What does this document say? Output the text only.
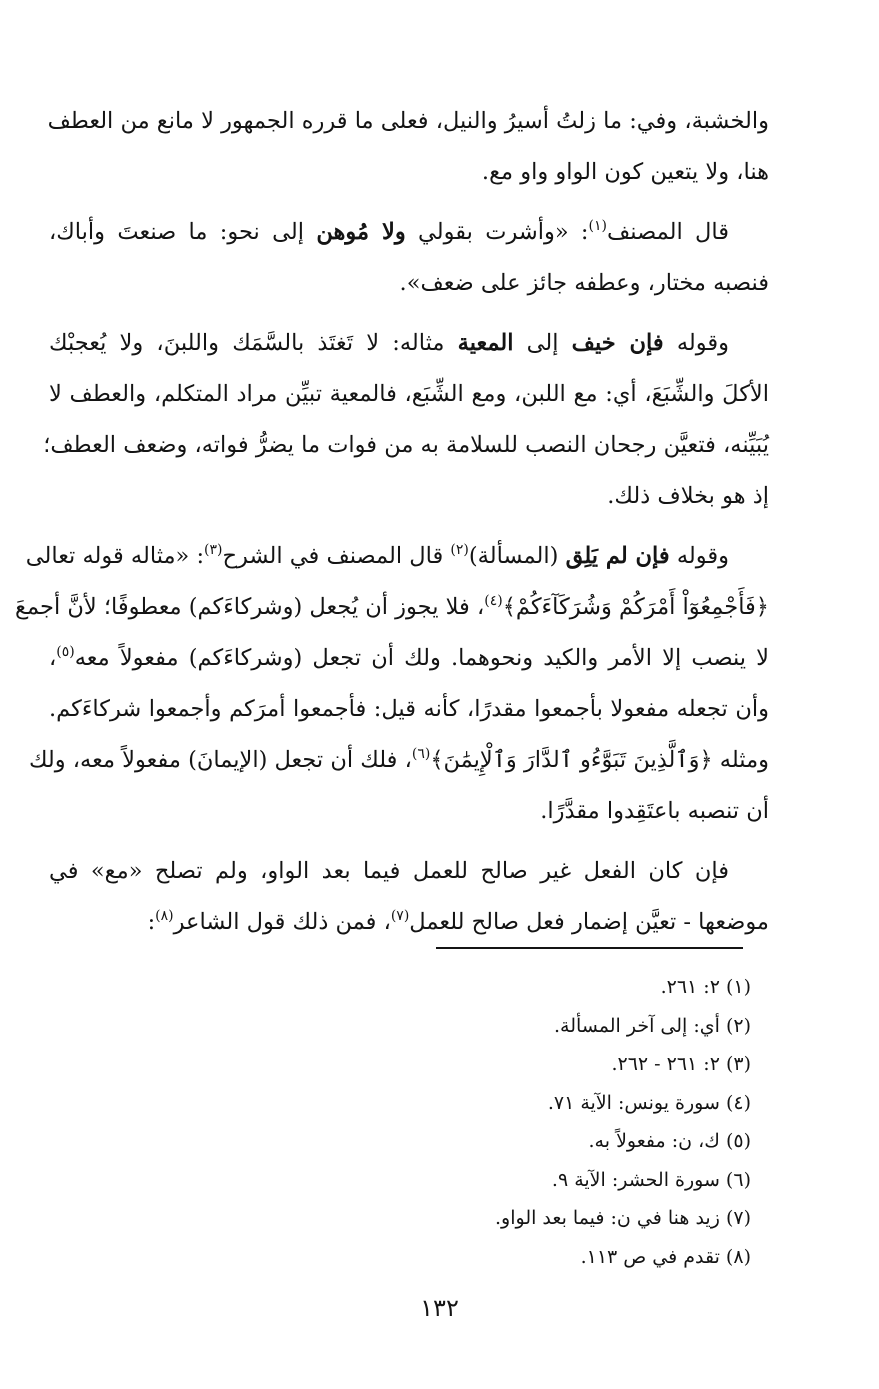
والخشبة، وفي: ما زلتُ أسيرُ والنيل، فعلى ما قرره الجمهور لا مانع من العطف
هنا، ولا يتعين كون الواو واو مع.

قال المصنف$^{(١)}$: «وأشرت بقولي ولا مُوهن إلى نحو: ما صنعتَ وأباك،
فنصبه مختار، وعطفه جائز على ضعف».

وقوله فإن خيف إلى المعية مثاله: لا تَغتَذ بالسَّمَك واللبنَ، ولا يُعجبْك
الأكلَ والشِّبَعَ، أي: مع اللبن، ومع الشِّبَع، فالمعية تبيِّن مراد المتكلم، والعطف لا
يُبَيِّنه، فتعيَّن رجحان النصب للسلامة به من فوات ما يضرُّ فواته، وضعف العطف؛
إذ هو بخلاف ذلك.

وقوله فإن لم يَلِق (المسألة)$^{(٢)}$ قال المصنف في الشرح$^{(٣)}$: «مثاله قوله تعالى
﴿فَأَجْمِعُوٓاْ أَمْرَكُمْ وَشُرَكَآءَكُمْ﴾$^{(٤)}$، فلا يجوز أن يُجعل (وشركاءَكم) معطوفًا؛ لأنَّ أجمعَ
لا ينصب إلا الأمر والكيد ونحوهما. ولك أن تجعل (وشركاءَكم) مفعولاً معه$^{(٥)}$،
وأن تجعله مفعولا بأجمعوا مقدرًا، كأنه قيل: فأجمعوا أمرَكم وأجمعوا شركاءَكم.
ومثله ﴿وَٱلَّذِينَ تَبَوَّءُو ٱلدَّارَ وَٱلْإِيمَٰنَ﴾$^{(٦)}$، فلك أن تجعل (الإيمانَ) مفعولاً معه، ولك
أن تنصبه باعتَقِدوا مقدَّرًا.

فإن كان الفعل غير صالح للعمل فيما بعد الواو، ولم تصلح «مع» في
موضعها - تعيَّن إضمار فعل صالح للعمل$^{(٧)}$، فمن ذلك قول الشاعر$^{(٨)}$:

(١) ٢: ٢٦١.
(٢) أي: إلى آخر المسألة.
(٣) ٢: ٢٦١ - ٢٦٢.
(٤) سورة يونس: الآية ٧١.
(٥) ك، ن: مفعولاً به.
(٦) سورة الحشر: الآية ٩.
(٧) زيد هنا في ن: فيما بعد الواو.
(٨) تقدم في ص ١١٣.
١٣٢
